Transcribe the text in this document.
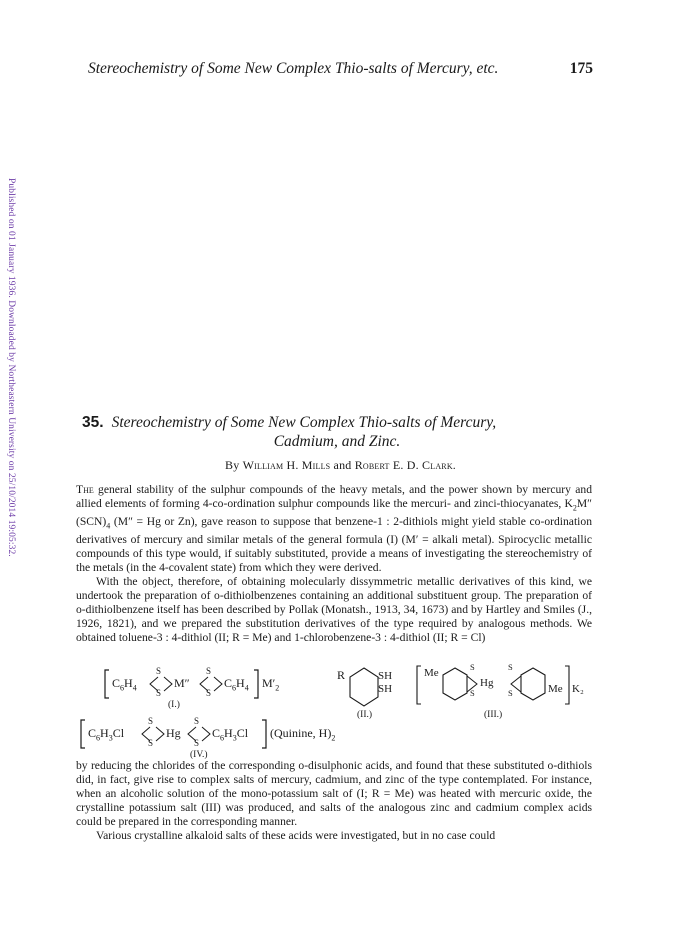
Stereochemistry of Some New Complex Thio-salts of Mercury, etc.	175
Published on 01 January 1936. Downloaded by Northeastern University on 25/10/2014 19:05:32.	35. Stereochemistry of Some New Complex Thio-salts of Mercury,
Cadmium, and Zinc.
By William H. Mills and Robert E. D. Clark.

The general stability of the sulphur compounds of the heavy metals, and the power shown by mercury and allied elements of forming 4-co-ordination sulphur compounds like the mercuri- and zinci-thiocyanates, $K_2M''(SCN)_4$ (M″ = Hg or Zn), gave reason to suppose that benzene-1 : 2-dithiols might yield stable co-ordination derivatives of mercury and similar metals of the general formula (I) (M′ = alkali metal). Spirocyclic metallic compounds of this type would, if suitably substituted, provide a means of investigating the stereochemistry of the metals (in the 4-covalent state) from which they were derived.

With the object, therefore, of obtaining molecularly dissymmetric metallic derivatives of this kind, we undertook the preparation of o-dithiolbenzenes containing an additional substituent group. The preparation of o-dithiolbenzene itself has been described by Pollak (Monatsh., 1913, 34, 1673) and by Hartley and Smiles (J., 1926, 1821), and we prepared the substitution derivatives of the type required by analogous methods. We obtained toluene-3 : 4-dithiol (II; R = Me) and 1-chlorobenzene-3 : 4-dithiol (II; R = Cl)

$C_6H_4$
S
S
M″
S
S
$C_6H_4$ $M'_2$
(I.)
$C_6H_3Cl$
S
S
Hg
S
S
$C_6H_3Cl$ (Quinine, $H)_2$
(IV.)
R	SH
SH
(II.)
Me	S
S
Hg
S
S	Me K₂
(III.)

by reducing the chlorides of the corresponding o-disulphonic acids, and found that these substituted o-dithiols did, in fact, give rise to complex salts of mercury, cadmium, and zinc of the type contemplated. For instance, when an alcoholic solution of the mono-potassium salt of (I; R = Me) was heated with mercuric oxide, the crystalline potassium salt (III) was produced, and salts of the analogous zinc and cadmium complex acids could be prepared in the corresponding manner.

Various crystalline alkaloid salts of these acids were investigated, but in no case could
